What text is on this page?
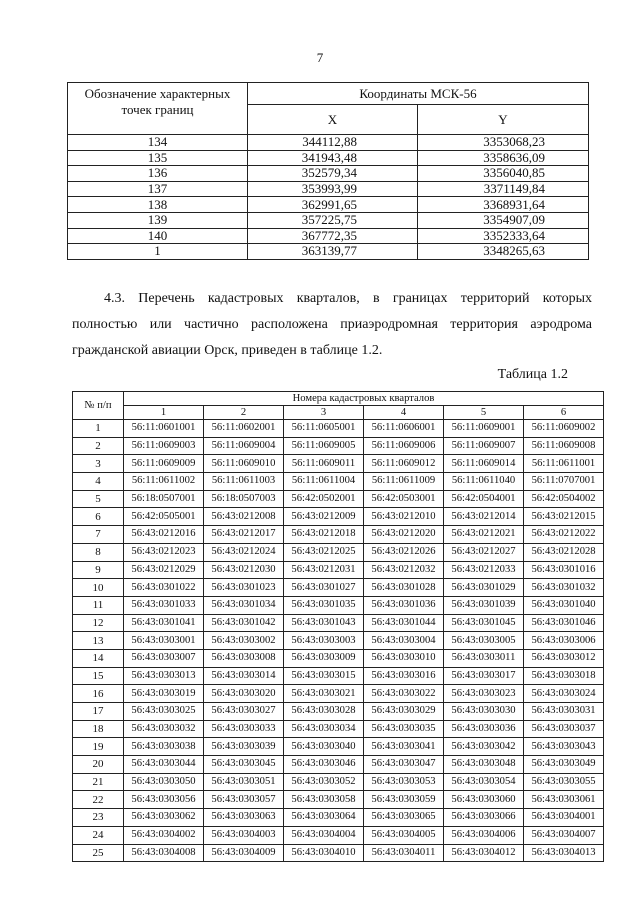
7
Обозначение характерных точек границ	Координаты МСК-56	
	X	Y
134	344112,88	3353068,23
135	341943,48	3358636,09
136	352579,34	3356040,85
137	353993,99	3371149,84
138	362991,65	3368931,64
139	357225,75	3354907,09
140	367772,35	3352333,64
1	363139,77	3348265,63

4.3. Перечень кадастровых кварталов, в границах территорий которых полностью или частично расположена приаэродромная территория аэродрома гражданской авиации Орск, приведен в таблице 1.2.

Таблица 1.2
№ п/п	Номера кадастровых кварталов					
	1	2	3	4	5	6
1	56:11:0601001	56:11:0602001	56:11:0605001	56:11:0606001	56:11:0609001	56:11:0609002
2	56:11:0609003	56:11:0609004	56:11:0609005	56:11:0609006	56:11:0609007	56:11:0609008
3	56:11:0609009	56:11:0609010	56:11:0609011	56:11:0609012	56:11:0609014	56:11:0611001
4	56:11:0611002	56:11:0611003	56:11:0611004	56:11:0611009	56:11:0611040	56:11:0707001
5	56:18:0507001	56:18:0507003	56:42:0502001	56:42:0503001	56:42:0504001	56:42:0504002
6	56:42:0505001	56:43:0212008	56:43:0212009	56:43:0212010	56:43:0212014	56:43:0212015
7	56:43:0212016	56:43:0212017	56:43:0212018	56:43:0212020	56:43:0212021	56:43:0212022
8	56:43:0212023	56:43:0212024	56:43:0212025	56:43:0212026	56:43:0212027	56:43:0212028
9	56:43:0212029	56:43:0212030	56:43:0212031	56:43:0212032	56:43:0212033	56:43:0301016
10	56:43:0301022	56:43:0301023	56:43:0301027	56:43:0301028	56:43:0301029	56:43:0301032
11	56:43:0301033	56:43:0301034	56:43:0301035	56:43:0301036	56:43:0301039	56:43:0301040
12	56:43:0301041	56:43:0301042	56:43:0301043	56:43:0301044	56:43:0301045	56:43:0301046
13	56:43:0303001	56:43:0303002	56:43:0303003	56:43:0303004	56:43:0303005	56:43:0303006
14	56:43:0303007	56:43:0303008	56:43:0303009	56:43:0303010	56:43:0303011	56:43:0303012
15	56:43:0303013	56:43:0303014	56:43:0303015	56:43:0303016	56:43:0303017	56:43:0303018
16	56:43:0303019	56:43:0303020	56:43:0303021	56:43:0303022	56:43:0303023	56:43:0303024
17	56:43:0303025	56:43:0303027	56:43:0303028	56:43:0303029	56:43:0303030	56:43:0303031
18	56:43:0303032	56:43:0303033	56:43:0303034	56:43:0303035	56:43:0303036	56:43:0303037
19	56:43:0303038	56:43:0303039	56:43:0303040	56:43:0303041	56:43:0303042	56:43:0303043
20	56:43:0303044	56:43:0303045	56:43:0303046	56:43:0303047	56:43:0303048	56:43:0303049
21	56:43:0303050	56:43:0303051	56:43:0303052	56:43:0303053	56:43:0303054	56:43:0303055
22	56:43:0303056	56:43:0303057	56:43:0303058	56:43:0303059	56:43:0303060	56:43:0303061
23	56:43:0303062	56:43:0303063	56:43:0303064	56:43:0303065	56:43:0303066	56:43:0304001
24	56:43:0304002	56:43:0304003	56:43:0304004	56:43:0304005	56:43:0304006	56:43:0304007
25	56:43:0304008	56:43:0304009	56:43:0304010	56:43:0304011	56:43:0304012	56:43:0304013
